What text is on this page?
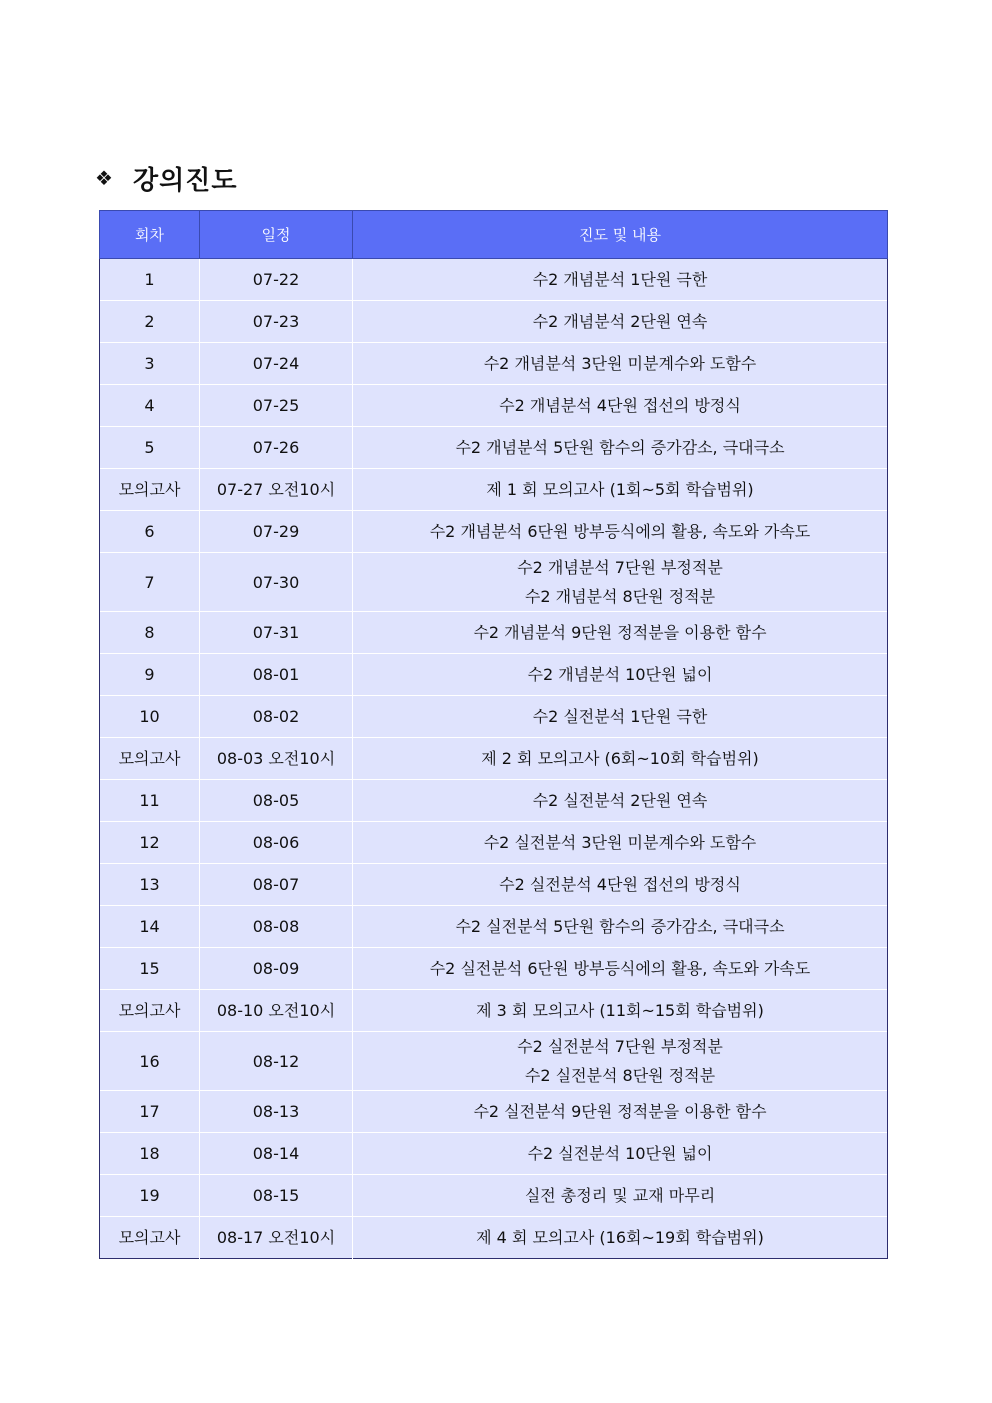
❖ 강의진도
회차	일정	진도 및 내용
1	07-22	수2 개념분석 1단원 극한

2	07-23	수2 개념분석 2단원 연속

3	07-24	수2 개념분석 3단원 미분계수와 도함수

4	07-25	수2 개념분석 4단원 접선의 방정식

5	07-26	수2 개념분석 5단원 함수의 증가감소, 극대극소

모의고사	07-27 오전10시	제 1 회 모의고사 (1회~5회 학습범위)

6	07-29	수2 개념분석 6단원 방부등식에의 활용, 속도와 가속도

7	07-30	수2 개념분석 7단원 부정적분
수2 개념분석 8단원 정적분

8	07-31	수2 개념분석 9단원 정적분을 이용한 함수

9	08-01	수2 개념분석 10단원 넓이

10	08-02	수2 실전분석 1단원 극한

모의고사	08-03 오전10시	제 2 회 모의고사 (6회~10회 학습범위)

11	08-05	수2 실전분석 2단원 연속

12	08-06	수2 실전분석 3단원 미분계수와 도함수

13	08-07	수2 실전분석 4단원 접선의 방정식

14	08-08	수2 실전분석 5단원 함수의 증가감소, 극대극소

15	08-09	수2 실전분석 6단원 방부등식에의 활용, 속도와 가속도

모의고사	08-10 오전10시	제 3 회 모의고사 (11회~15회 학습범위)

16	08-12	수2 실전분석 7단원 부정적분
수2 실전분석 8단원 정적분

17	08-13	수2 실전분석 9단원 정적분을 이용한 함수

18	08-14	수2 실전분석 10단원 넓이

19	08-15	실전 총정리 및 교재 마무리

모의고사	08-17 오전10시	제 4 회 모의고사 (16회~19회 학습범위)
